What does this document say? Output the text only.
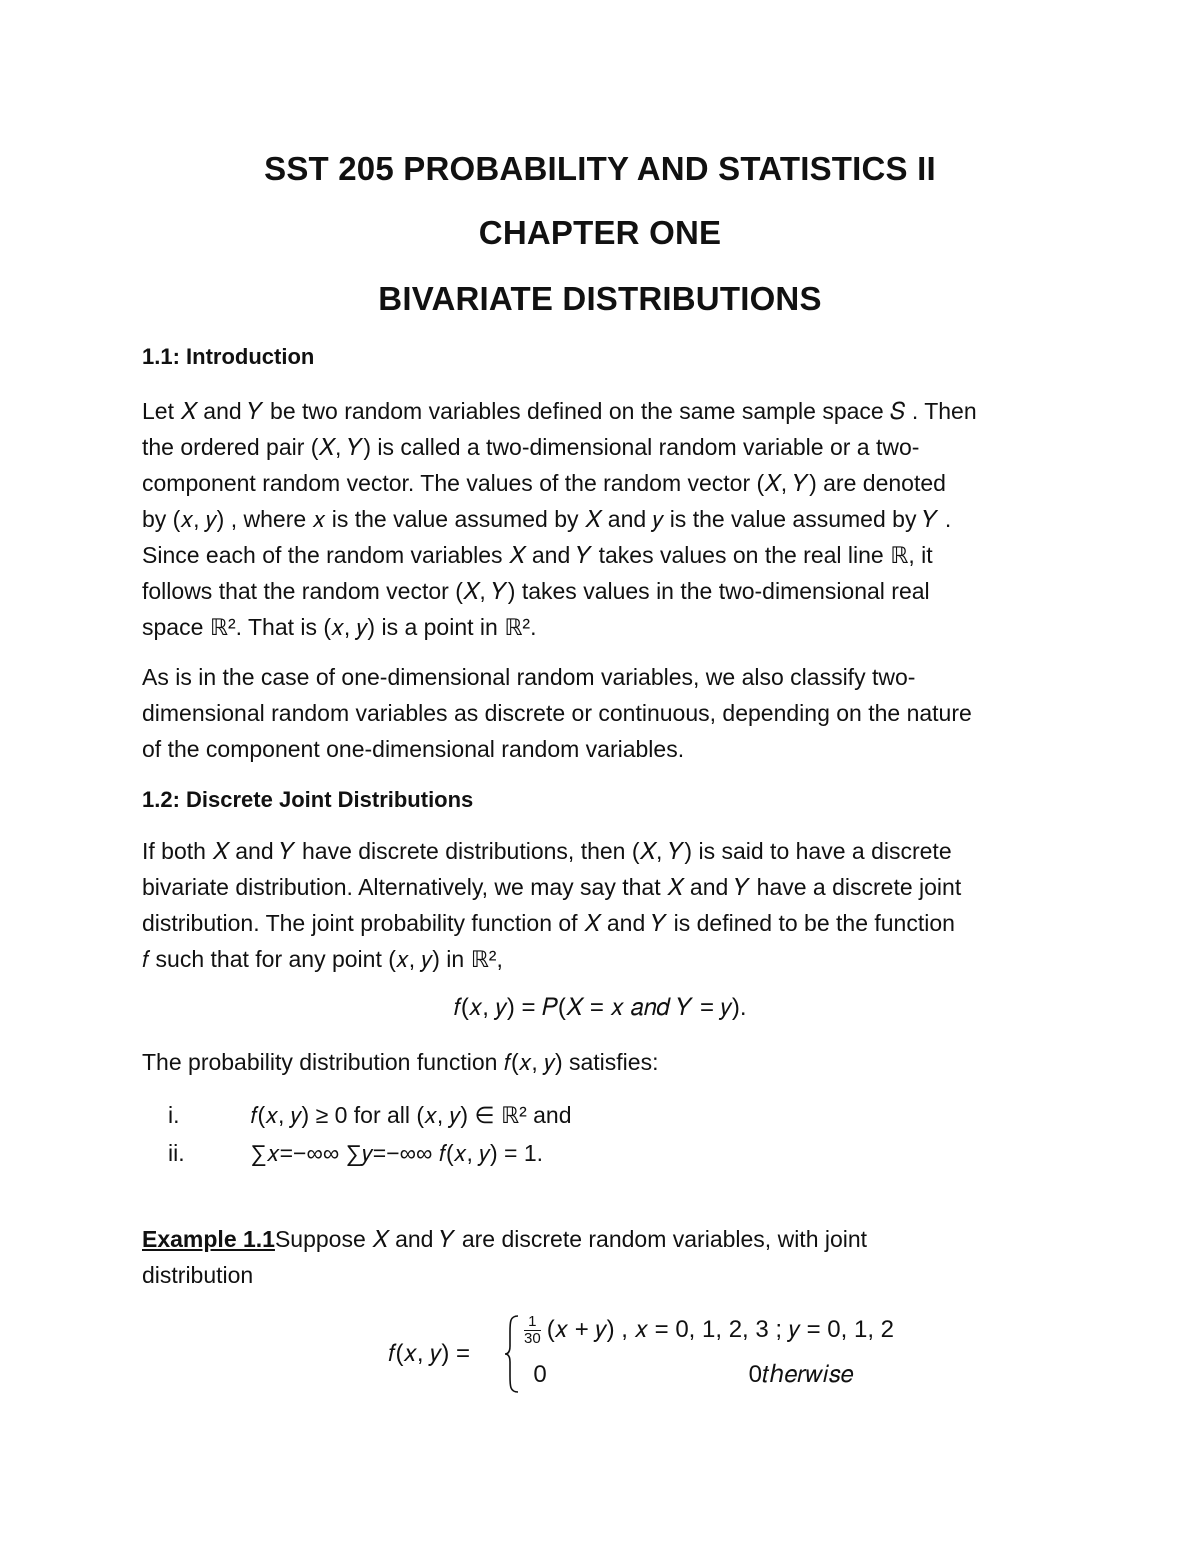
SST 205 PROBABILITY AND STATISTICS II
CHAPTER ONE
BIVARIATE DISTRIBUTIONS
1.1: Introduction
Let 𝑋 and 𝑌 be two random variables defined on the same sample space 𝑆 . Then
the ordered pair (𝑋, 𝑌) is called a two-dimensional random variable or a two-
component random vector. The values of the random vector (𝑋, 𝑌) are denoted
by (𝑥, 𝑦) , where 𝑥 is the value assumed by 𝑋 and 𝑦 is the value assumed by 𝑌 .
Since each of the random variables 𝑋 and 𝑌 takes values on the real line ℝ, it
follows that the random vector (𝑋, 𝑌) takes values in the two-dimensional real
space ℝ². That is (𝑥, 𝑦) is a point in ℝ².
As is in the case of one-dimensional random variables, we also classify two-
dimensional random variables as discrete or continuous, depending on the nature
of the component one-dimensional random variables.
1.2: Discrete Joint Distributions
If both 𝑋 and 𝑌 have discrete distributions, then (𝑋, 𝑌) is said to have a discrete
bivariate distribution. Alternatively, we may say that 𝑋 and 𝑌 have a discrete joint
distribution. The joint probability function of 𝑋 and 𝑌 is defined to be the function
𝑓 such that for any point (𝑥, 𝑦) in ℝ²,
𝑓(𝑥, 𝑦) = 𝑃(𝑋 = 𝑥 𝑎𝑛𝑑 𝑌 = 𝑦).
The probability distribution function 𝑓(𝑥, 𝑦) satisfies:
i.	𝑓(𝑥, 𝑦) ≥ 0 for all (𝑥, 𝑦) ∈ ℝ² and
ii.	∑𝑥=−∞∞ ∑𝑦=−∞∞ 𝑓(𝑥, 𝑦) = 1.
Example 1.1Suppose 𝑋 and 𝑌 are discrete random variables, with joint
distribution
𝑓(𝑥, 𝑦) =
$\frac{1}{30}$ (𝑥 + 𝑦) , 𝑥 = 0, 1, 2, 3 ; 𝑦 = 0, 1, 2
0	0𝑡ℎ𝑒𝑟𝑤𝑖𝑠𝑒
